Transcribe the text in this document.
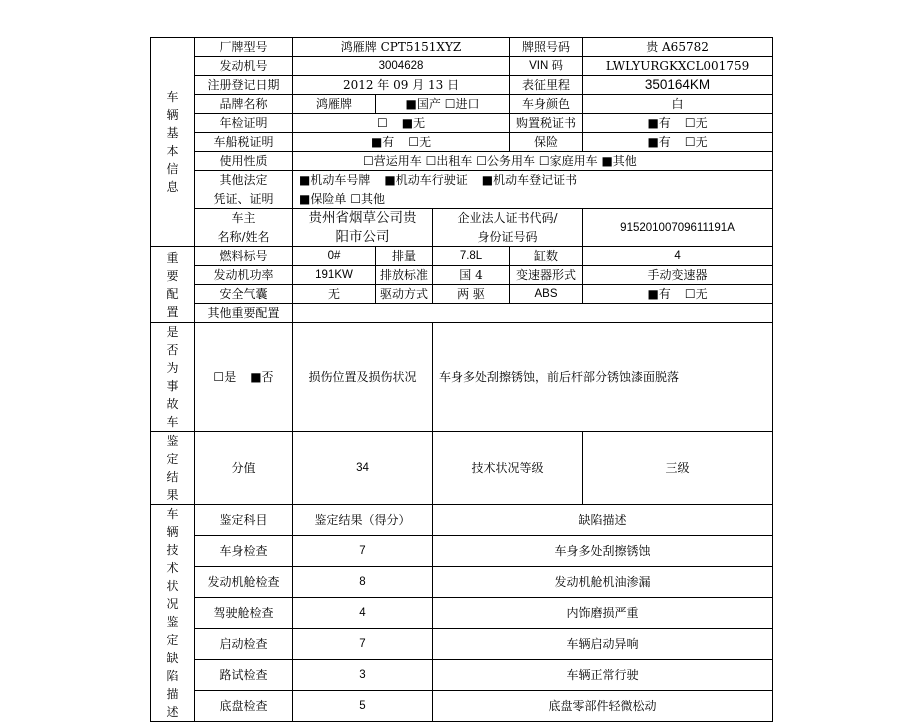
车辆基本信息	厂牌型号	鸿雁牌 CPT5151XYZ			牌照号码	贵 A65782
	发动机号	3004628			VIN 码	LWLYURGKXCL001759
	注册登记日期	2012 年 09 月 13 日			表征里程	350164KM
	品牌名称	鸿雁牌	■国产 ☐进口		车身颜色	白
	年检证明	☐ ■无			购置税证书	■有 ☐无
	车船税证明	■有 ☐无			保险	■有 ☐无
	使用性质	☐营运用车 ☐出租车 ☐公务用车 ☐家庭用车 ■其他				
	其他法定	■机动车号牌 ■机动车行驶证 ■机动车登记证书				
	凭证、证明	■保险单 ☐其他				
	车主	贵州省烟草公司贵		企业法人证书代码/		91520100709611191A
	名称/姓名	阳市公司		身份证号码		
重要配置	燃料标号	0#	排量	7.8L	缸数	4
	发动机功率	191KW	排放标准	国 4	变速器形式	手动变速器
	安全气囊	无	驱动方式	两 驱	ABS	■有 ☐无
	其他重要配置					
是否为事故车	☐是 ■否	损伤位置及损伤状况		车身多处刮擦锈蚀，前后杆部分锈蚀漆面脱落		
鉴定结果	分值	34		技术状况等级		三级
车辆技术状况鉴定缺陷描述	鉴定科目	鉴定结果（得分）		缺陷描述		
	车身检查	7		车身多处刮擦锈蚀		
	发动机舱检查	8		发动机舱机油渗漏		
	驾驶舱检查	4		内饰磨损严重		
	启动检查	7		车辆启动异响		
	路试检查	3		车辆正常行驶		
	底盘检查	5		底盘零部件轻微松动		
